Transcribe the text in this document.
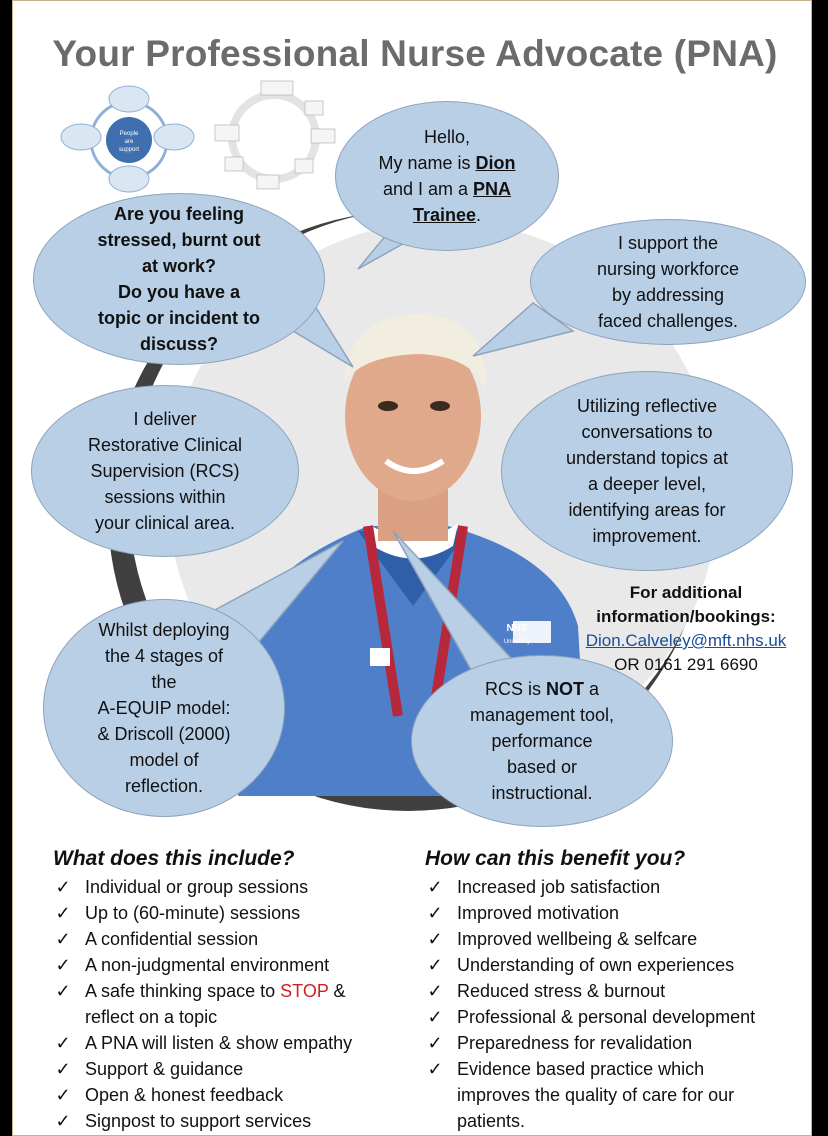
People
are
support
NHS
University
Your Professional Nurse Advocate (PNA)
Hello,
My name is Dion
and I am a PNA
Trainee.
Are you feeling
stressed, burnt out
at work?
Do you have a
topic or incident to
discuss?
I support the
nursing workforce
by addressing
faced challenges.
I deliver
Restorative Clinical
Supervision (RCS)
sessions within
your clinical area.
Utilizing reflective
conversations to
understand topics at
a deeper level,
identifying areas for
improvement.
Whilst deploying
the 4 stages of
the
A-EQUIP model:
& Driscoll (2000)
model of
reflection.
RCS is NOT a
management tool,
performance
based or
instructional.
For additional
information/bookings:
Dion.Calveley@mft.nhs.uk
OR 0161 291 6690
What does this include?
✓ Individual or group sessions
✓ Up to (60-minute) sessions
✓ A confidential session
✓ A non-judgmental environment
✓ A safe thinking space to STOP &
reflect on a topic
✓ A PNA will listen & show empathy
✓ Support & guidance
✓ Open & honest feedback
✓ Signpost to support services
How can this benefit you?
✓ Increased job satisfaction
✓ Improved motivation
✓ Improved wellbeing & selfcare
✓ Understanding of own experiences
✓ Reduced stress & burnout
✓ Professional & personal development
✓ Preparedness for revalidation
✓ Evidence based practice which
improves the quality of care for our
patients.
